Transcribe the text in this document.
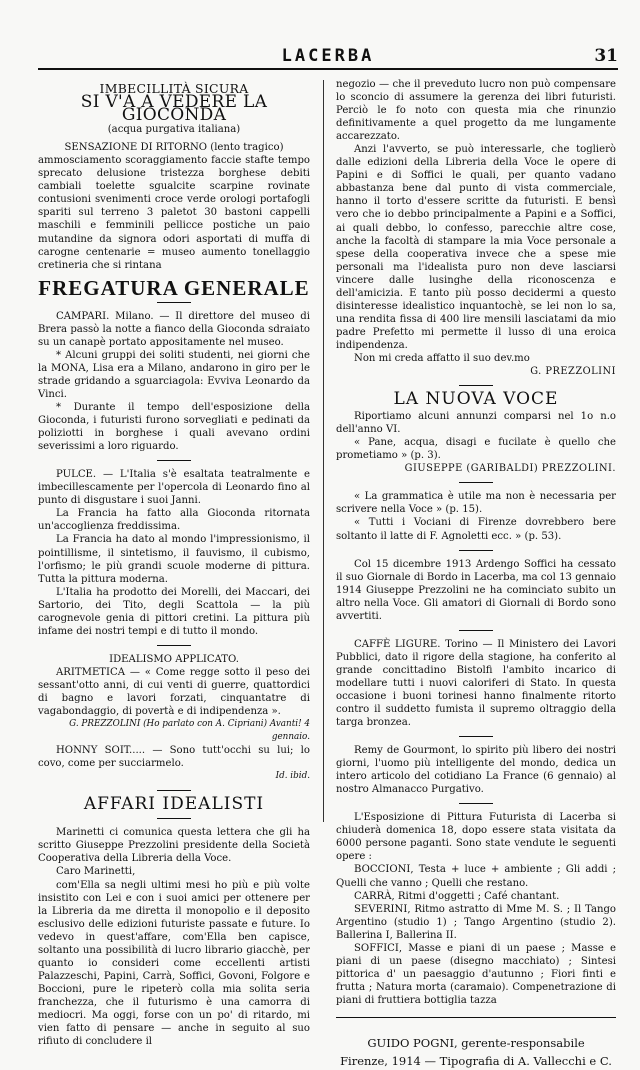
LACERBA	31
IMBECILLITÀ SICURA
SI V'A A VEDERE LA GIOCONDA
(acqua purgativa italiana)

SENSAZIONE DI RITORNO (lento tragico)

ammosciamento scoraggiamento faccie stafte tempo sprecato delusione tristezza borghese debiti cambiali toelette sgualcite scarpine rovinate contusioni svenimenti croce verde orologi portafogli spariti sul terreno 3 paletot 30 bastoni cappelli maschili e femminili pellicce postiche un paio mutandine da signora odori asportati di muffa di carogne centenarie = museo aumento tonellaggio cretineria che si rintana

FREGATURA GENERALE

CAMPARI. Milano. — Il direttore del museo di Brera passò la notte a fianco della Gioconda sdraiato su un canapè portato appositamente nel museo.

* Alcuni gruppi dei soliti studenti, nei giorni che la MONA, Lisa era a Milano, andarono in giro per le strade gridando a sguarciagola: Evviva Leonardo da Vinci.

* Durante il tempo dell'esposizione della Gioconda, i futuristi furono sorvegliati e pedinati da poliziotti in borghese i quali avevano ordini severissimi a loro riguardo.

PULCE. — L'Italia s'è esaltata teatralmente e imbecillescamente per l'opercola di Leonardo fino al punto di disgustare i suoi Janni.

La Francia ha fatto alla Gioconda ritornata un'accoglienza freddissima.

La Francia ha dato al mondo l'impressionismo, il pointillisme, il sintetismo, il fauvismo, il cubismo, l'orfismo; le più grandi scuole moderne di pittura. Tutta la pittura moderna.

L'Italia ha prodotto dei Morelli, dei Maccari, dei Sartorio, dei Tito, degli Scattola — la più carognevole genia di pittori cretini. La pittura più infame dei nostri tempi e di tutto il mondo.

IDEALISMO APPLICATO.

ARITMETICA — « Come regge sotto il peso dei sessant'otto anni, di cui venti di guerre, quattordici di bagno e lavori forzati, cinquantatre di vagabondaggio, di povertà e di indipendenza ».

G. PREZZOLINI (Ho parlato con A. Cipriani) Avanti! 4 gennaio.

HONNY SOIT..... — Sono tutt'occhi su lui; lo covo, come per succiarmelo.

Id. ibid.
AFFARI IDEALISTI

Marinetti ci comunica questa lettera che gli ha scritto Giuseppe Prezzolini presidente della Società Cooperativa della Libreria della Voce.

Caro Marinetti,

com'Ella sa negli ultimi mesi ho più e più volte insistito con Lei e con i suoi amici per ottenere per la Libreria da me diretta il monopolio e il deposito esclusivo delle edizioni futuriste passate e future. Io vedevo in quest'affare, com'Ella ben capisce, soltanto una possibilità di lucro librario giacchè, per quanto io consideri come eccellenti artisti Palazzeschi, Papini, Carrà, Soffici, Govoni, Folgore e Boccioni, pure le ripeterò colla mia solita seria franchezza, che il futurismo è una camorra di mediocri. Ma oggi, forse con un po' di ritardo, mi vien fatto di pensare — anche in seguito al suo rifiuto di concludere il

negozio — che il preveduto lucro non può compensare lo sconcio di assumere la gerenza dei libri futuristi. Perciò le fo noto con questa mia che rinunzio definitivamente a quel progetto da me lungamente accarezzato.

Anzi l'avverto, se può interessarle, che toglierò dalle edizioni della Libreria della Voce le opere di Papini e di Soffici le quali, per quanto vadano abbastanza bene dal punto di vista commerciale, hanno il torto d'essere scritte da futuristi. E bensì vero che io debbo principalmente a Papini e a Soffici, ai quali debbo, lo confesso, parecchie altre cose, anche la facoltà di stampare la mia Voce personale a spese della cooperativa invece che a spese mie personali ma l'idealista puro non deve lasciarsi vincere dalle lusinghe della riconoscenza e dell'amicizia. E tanto più posso decidermi a questo disinteresse idealistico inquantochè, se lei non lo sa, una rendita fissa di 400 lire mensili lasciatami da mio padre Prefetto mi permette il lusso di una eroica indipendenza.

Non mi creda affatto il suo dev.mo

G. PREZZOLINI

LA NUOVA VOCE

Riportiamo alcuni annunzi comparsi nel 1o n.o dell'anno VI.

« Pane, acqua, disagi e fucilate è quello che prometiamo » (p. 3).

GIUSEPPE (GARIBALDI) PREZZOLINI.

« La grammatica è utile ma non è necessaria per scrivere nella Voce » (p. 15).

« Tutti i Vociani di Firenze dovrebbero bere soltanto il latte di F. Agnoletti ecc. » (p. 53).

Col 15 dicembre 1913 Ardengo Soffici ha cessato il suo Giornale di Bordo in Lacerba, ma col 13 gennaio 1914 Giuseppe Prezzolini ne ha cominciato subito un altro nella Voce. Gli amatori di Giornali di Bordo sono avvertiti.

CAFFÈ LIGURE. Torino — Il Ministero dei Lavori Pubblici, dato il rigore della stagione, ha conferito al grande concittadino Bistolfi l'ambito incarico di modellare tutti i nuovi caloriferi di Stato. In questa occasione i buoni torinesi hanno finalmente ritorto contro il suddetto fumista il supremo oltraggio della targa bronzea.

Remy de Gourmont, lo spirito più libero dei nostri giorni, l'uomo più intelligente del mondo, dedica un intero articolo del cotidiano La France (6 gennaio) al nostro Almanacco Purgativo.

L'Esposizione di Pittura Futurista di Lacerba si chiuderà domenica 18, dopo essere stata visitata da 6000 persone paganti. Sono state vendute le seguenti opere :

BOCCIONI, Testa + luce + ambiente ; Gli addi ; Quelli che vanno ; Quelli che restano.

CARRÀ, Ritmi d'oggetti ; Café chantant.

SEVERINI, Ritmo astratto di Mme M. S. ; Il Tango Argentino (studio 1) ; Tango Argentino (studio 2). Ballerina I, Ballerina II.

SOFFICI, Masse e piani di un paese ; Masse e piani di un paese (disegno macchiato) ; Sintesi pittorica d' un paesaggio d'autunno ; Fiori finti e frutta ; Natura morta (caramaio). Compenetrazione di piani di fruttiera bottiglia tazza

GUIDO POGNI, gerente-responsabile
Firenze, 1914 — Tipografia di A. Vallecchi e C.
